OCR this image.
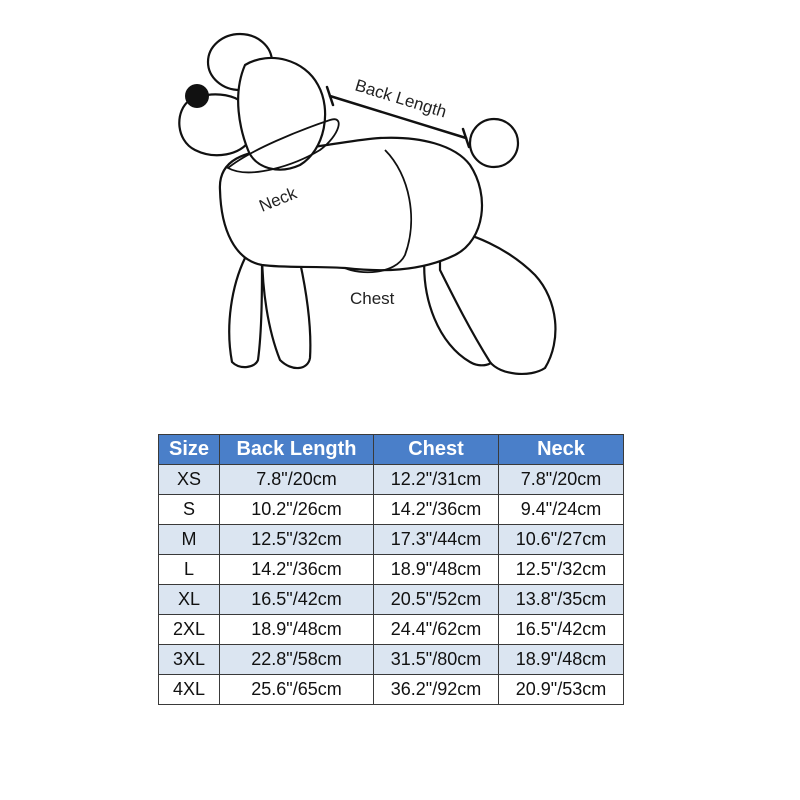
Back Length
Neck
Chest
Size	Back Length	Chest	Neck
XS	7.8"/20cm	12.2"/31cm	7.8"/20cm
S	10.2"/26cm	14.2"/36cm	9.4"/24cm
M	12.5"/32cm	17.3"/44cm	10.6"/27cm
L	14.2"/36cm	18.9"/48cm	12.5"/32cm
XL	16.5"/42cm	20.5"/52cm	13.8"/35cm
2XL	18.9"/48cm	24.4"/62cm	16.5"/42cm
3XL	22.8"/58cm	31.5"/80cm	18.9"/48cm
4XL	25.6"/65cm	36.2"/92cm	20.9"/53cm
